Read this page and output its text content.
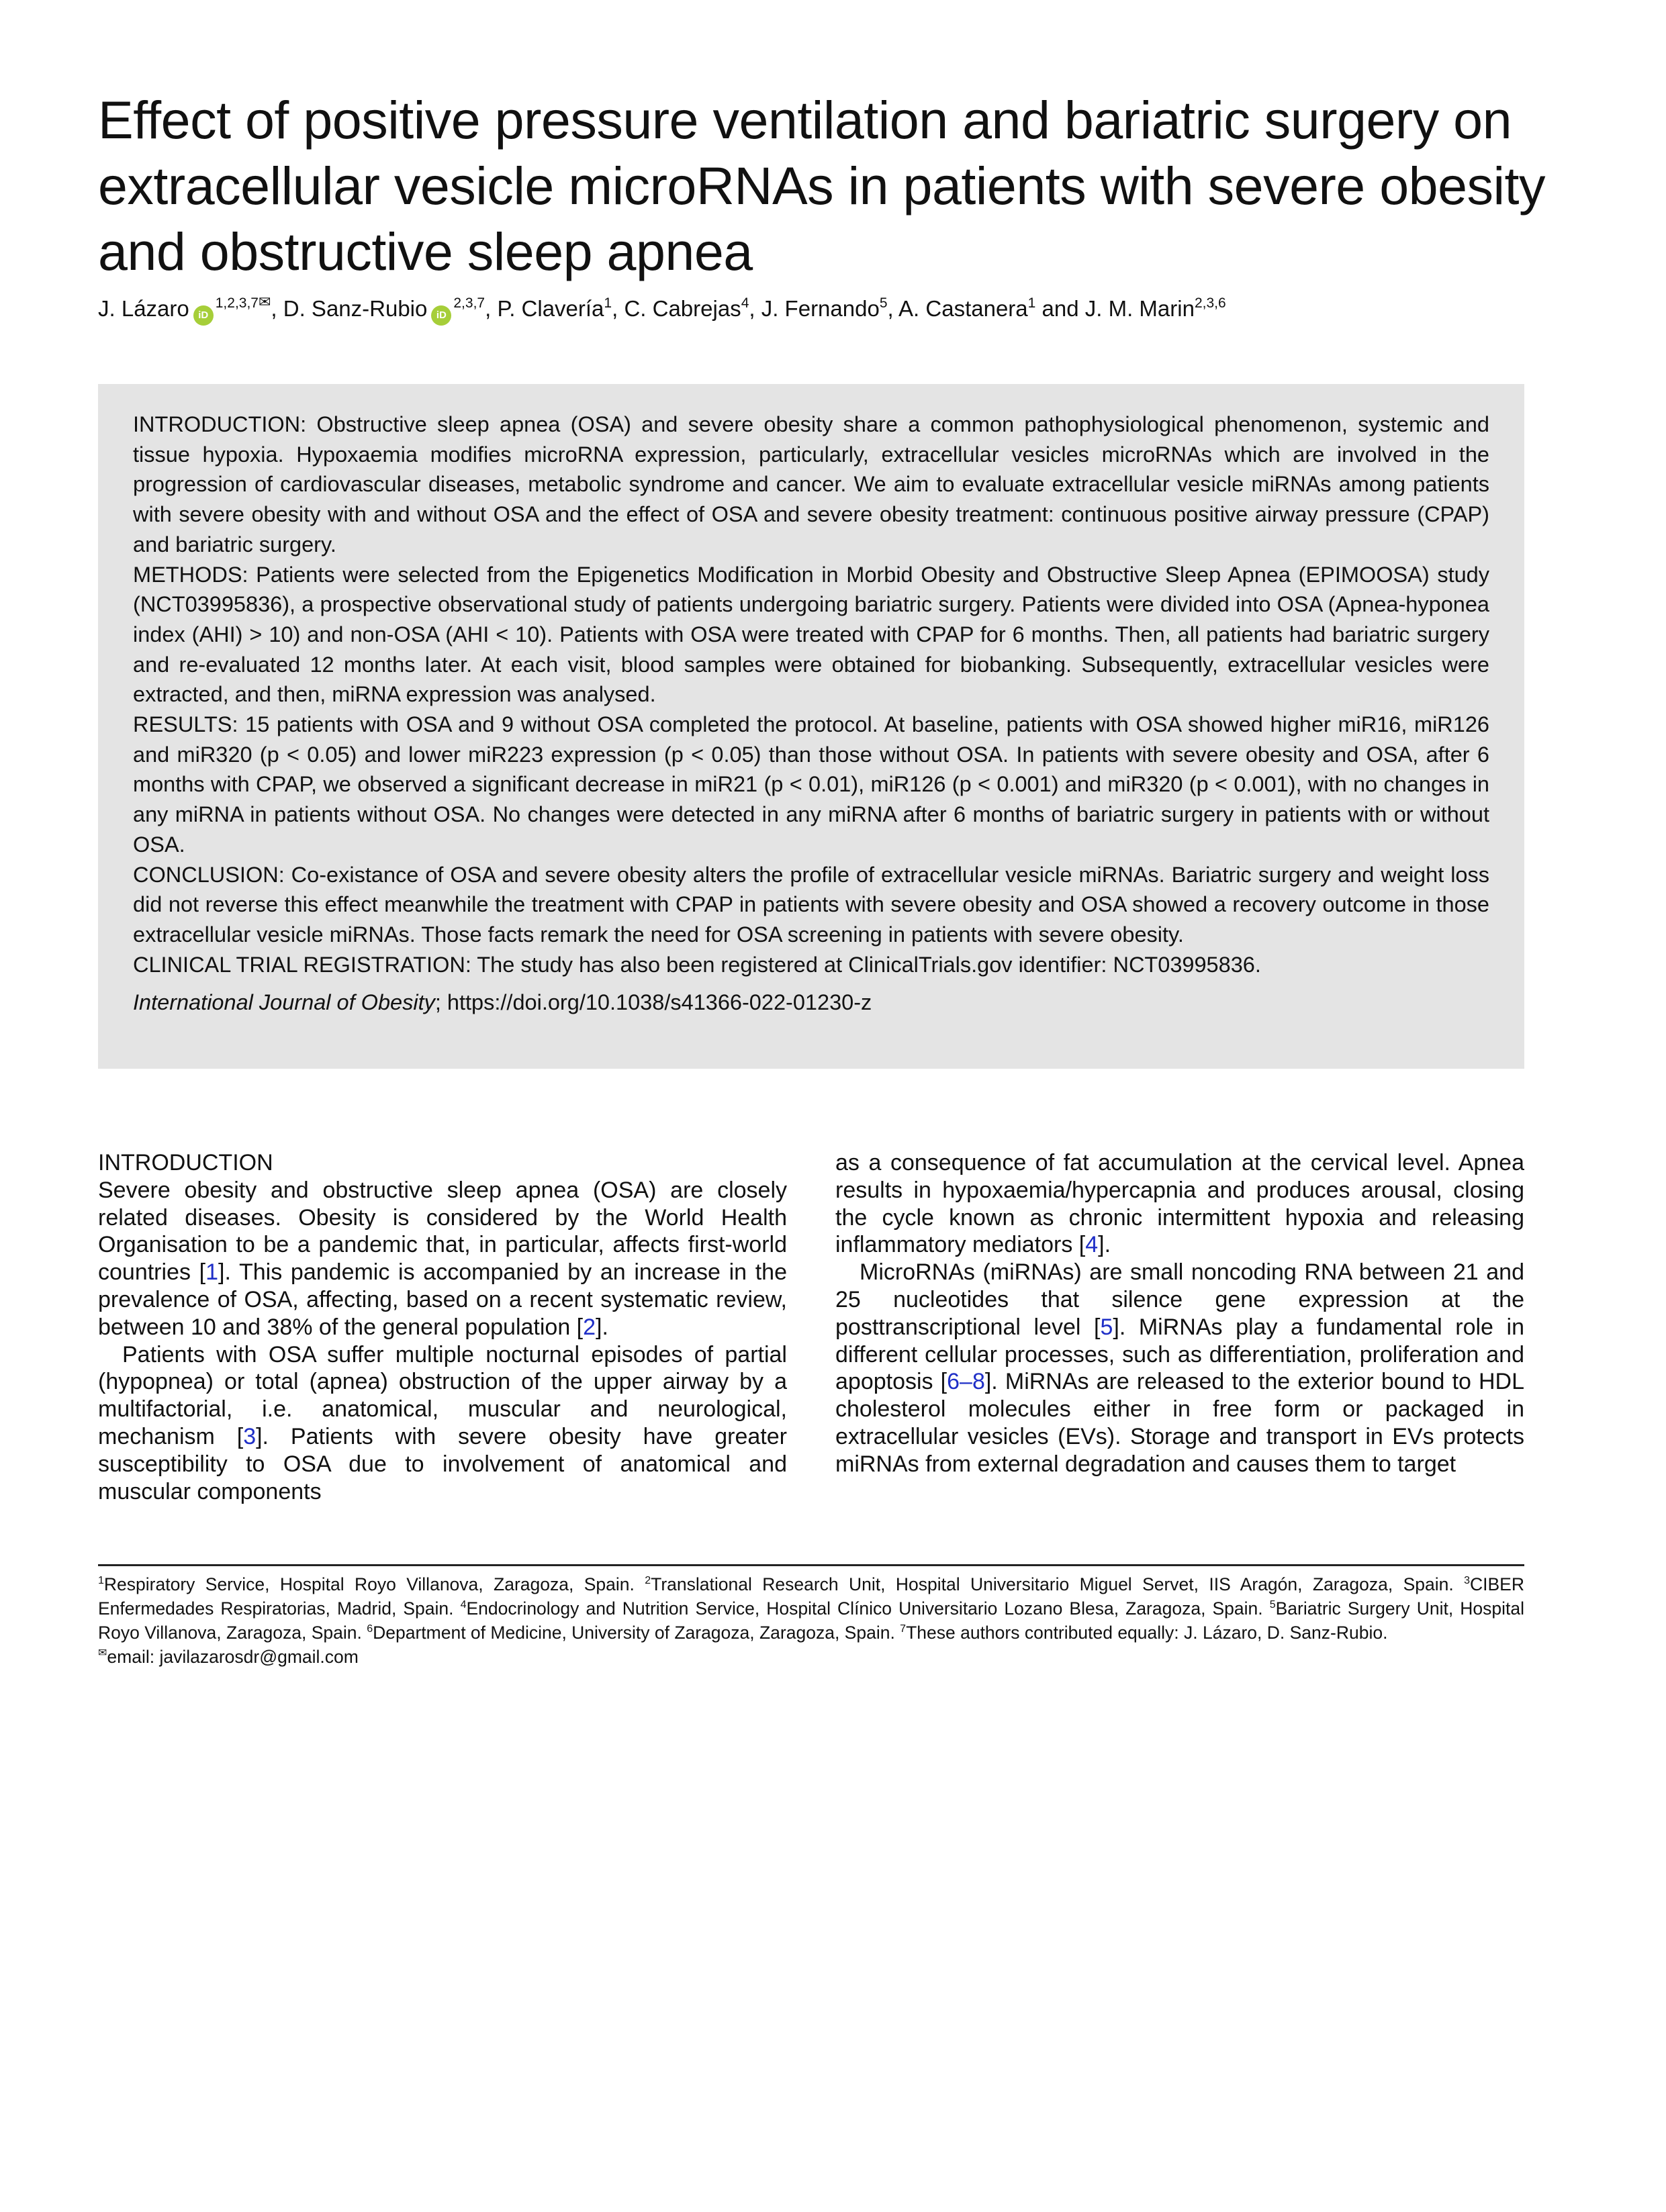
Effect of positive pressure ventilation and bariatric surgery on extracellular vesicle microRNAs in patients with severe obesity and obstructive sleep apnea
J. Lázaro $iD^{1,2,3,7✉}$, D. Sanz-Rubio iD$^{2,3,7}$, P. Clavería$^1$, C. Cabrejas$^4$, J. Fernando$^5$, A. Castanera$^1$ and J. M. Marin$^{2,3,6}$

INTRODUCTION: Obstructive sleep apnea (OSA) and severe obesity share a common pathophysiological phenomenon, systemic and tissue hypoxia. Hypoxaemia modifies microRNA expression, particularly, extracellular vesicles microRNAs which are involved in the progression of cardiovascular diseases, metabolic syndrome and cancer. We aim to evaluate extracellular vesicle miRNAs among patients with severe obesity with and without OSA and the effect of OSA and severe obesity treatment: continuous positive airway pressure (CPAP) and bariatric surgery.

METHODS: Patients were selected from the Epigenetics Modification in Morbid Obesity and Obstructive Sleep Apnea (EPIMOOSA) study (NCT03995836), a prospective observational study of patients undergoing bariatric surgery. Patients were divided into OSA (Apnea-hyponea index (AHI) > 10) and non-OSA (AHI < 10). Patients with OSA were treated with CPAP for 6 months. Then, all patients had bariatric surgery and re-evaluated 12 months later. At each visit, blood samples were obtained for biobanking. Subsequently, extracellular vesicles were extracted, and then, miRNA expression was analysed.

RESULTS: 15 patients with OSA and 9 without OSA completed the protocol. At baseline, patients with OSA showed higher miR16, miR126 and miR320 (p < 0.05) and lower miR223 expression (p < 0.05) than those without OSA. In patients with severe obesity and OSA, after 6 months with CPAP, we observed a significant decrease in miR21 (p < 0.01), miR126 (p < 0.001) and miR320 (p < 0.001), with no changes in any miRNA in patients without OSA. No changes were detected in any miRNA after 6 months of bariatric surgery in patients with or without OSA.

CONCLUSION: Co-existance of OSA and severe obesity alters the profile of extracellular vesicle miRNAs. Bariatric surgery and weight loss did not reverse this effect meanwhile the treatment with CPAP in patients with severe obesity and OSA showed a recovery outcome in those extracellular vesicle miRNAs. Those facts remark the need for OSA screening in patients with severe obesity.

CLINICAL TRIAL REGISTRATION: The study has also been registered at ClinicalTrials.gov identifier: NCT03995836.

International Journal of Obesity; https://doi.org/10.1038/s41366-022-01230-z

INTRODUCTION

Severe obesity and obstructive sleep apnea (OSA) are closely related diseases. Obesity is considered by the World Health Organisation to be a pandemic that, in particular, affects first-world countries [1]. This pandemic is accompanied by an increase in the prevalence of OSA, affecting, based on a recent systematic review, between 10 and 38% of the general population [2].

Patients with OSA suffer multiple nocturnal episodes of partial (hypopnea) or total (apnea) obstruction of the upper airway by a multifactorial, i.e. anatomical, muscular and neurological, mechanism [3]. Patients with severe obesity have greater susceptibility to OSA due to involvement of anatomical and muscular components

as a consequence of fat accumulation at the cervical level. Apnea results in hypoxaemia/hypercapnia and produces arousal, closing the cycle known as chronic intermittent hypoxia and releasing inflammatory mediators [4].

MicroRNAs (miRNAs) are small noncoding RNA between 21 and 25 nucleotides that silence gene expression at the posttranscriptional level [5]. MiRNAs play a fundamental role in different cellular processes, such as differentiation, proliferation and apoptosis [6–8]. MiRNAs are released to the exterior bound to HDL cholesterol molecules either in free form or packaged in extracellular vesicles (EVs). Storage and transport in EVs protects miRNAs from external degradation and causes them to target

$^1$Respiratory Service, Hospital Royo Villanova, Zaragoza, Spain. $^2$Translational Research Unit, Hospital Universitario Miguel Servet, IIS Aragón, Zaragoza, Spain. $^3$CIBER Enfermedades Respiratorias, Madrid, Spain. $^4$Endocrinology and Nutrition Service, Hospital Clínico Universitario Lozano Blesa, Zaragoza, Spain. $^5$Bariatric Surgery Unit, Hospital Royo Villanova, Zaragoza, Spain. $^6$Department of Medicine, University of Zaragoza, Zaragoza, Spain. $^7$These authors contributed equally: J. Lázaro, D. Sanz-Rubio.

✉email: javilazarosdr@gmail.com
